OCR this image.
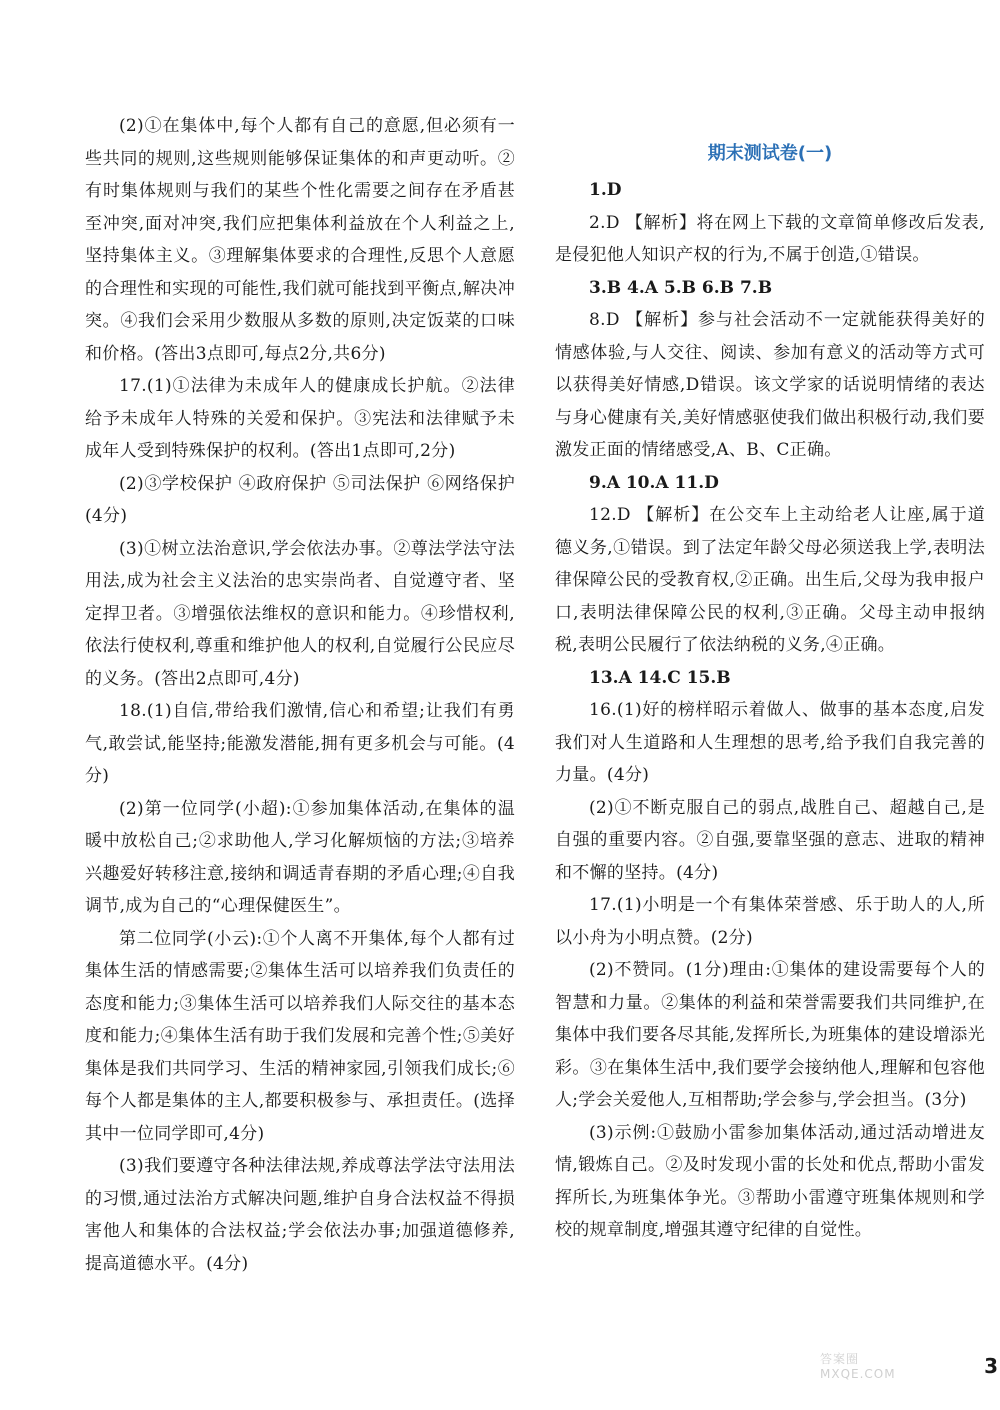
(2)①在集体中,每个人都有自己的意愿,但必须有一些共同的规则,这些规则能够保证集体的和声更动听。②有时集体规则与我们的某些个性化需要之间存在矛盾甚至冲突,面对冲突,我们应把集体利益放在个人利益之上,坚持集体主义。③理解集体要求的合理性,反思个人意愿的合理性和实现的可能性,我们就可能找到平衡点,解决冲突。④我们会采用少数服从多数的原则,决定饭菜的口味和价格。(答出3点即可,每点2分,共6分)

17.(1)①法律为未成年人的健康成长护航。②法律给予未成年人特殊的关爱和保护。③宪法和法律赋予未成年人受到特殊保护的权利。(答出1点即可,2分)

(2)③学校保护 ④政府保护 ⑤司法保护 ⑥网络保护(4分)

(3)①树立法治意识,学会依法办事。②尊法学法守法用法,成为社会主义法治的忠实崇尚者、自觉遵守者、坚定捍卫者。③增强依法维权的意识和能力。④珍惜权利,依法行使权利,尊重和维护他人的权利,自觉履行公民应尽的义务。(答出2点即可,4分)

18.(1)自信,带给我们激情,信心和希望;让我们有勇气,敢尝试,能坚持;能激发潜能,拥有更多机会与可能。(4分)

(2)第一位同学(小超):①参加集体活动,在集体的温暖中放松自己;②求助他人,学习化解烦恼的方法;③培养兴趣爱好转移注意,接纳和调适青春期的矛盾心理;④自我调节,成为自己的“心理保健医生”。

第二位同学(小云):①个人离不开集体,每个人都有过集体生活的情感需要;②集体生活可以培养我们负责任的态度和能力;③集体生活可以培养我们人际交往的基本态度和能力;④集体生活有助于我们发展和完善个性;⑤美好集体是我们共同学习、生活的精神家园,引领我们成长;⑥每个人都是集体的主人,都要积极参与、承担责任。(选择其中一位同学即可,4分)

(3)我们要遵守各种法律法规,养成尊法学法守法用法的习惯,通过法治方式解决问题,维护自身合法权益不得损害他人和集体的合法权益;学会依法办事;加强道德修养,提高道德水平。(4分)

期末测试卷(一)

1.D

2.D 【解析】将在网上下载的文章简单修改后发表,是侵犯他人知识产权的行为,不属于创造,①错误。

3.B 4.A 5.B 6.B 7.B

8.D 【解析】参与社会活动不一定就能获得美好的情感体验,与人交往、阅读、参加有意义的活动等方式可以获得美好情感,D错误。该文学家的话说明情绪的表达与身心健康有关,美好情感驱使我们做出积极行动,我们要激发正面的情绪感受,A、B、C正确。

9.A 10.A 11.D

12.D 【解析】在公交车上主动给老人让座,属于道德义务,①错误。到了法定年龄父母必须送我上学,表明法律保障公民的受教育权,②正确。出生后,父母为我申报户口,表明法律保障公民的权利,③正确。父母主动申报纳税,表明公民履行了依法纳税的义务,④正确。

13.A 14.C 15.B

16.(1)好的榜样昭示着做人、做事的基本态度,启发我们对人生道路和人生理想的思考,给予我们自我完善的力量。(4分)

(2)①不断克服自己的弱点,战胜自己、超越自己,是自强的重要内容。②自强,要靠坚强的意志、进取的精神和不懈的坚持。(4分)

17.(1)小明是一个有集体荣誉感、乐于助人的人,所以小舟为小明点赞。(2分)

(2)不赞同。(1分)理由:①集体的建设需要每个人的智慧和力量。②集体的利益和荣誉需要我们共同维护,在集体中我们要各尽其能,发挥所长,为班集体的建设增添光彩。③在集体生活中,我们要学会接纳他人,理解和包容他人;学会关爱他人,互相帮助;学会参与,学会担当。(3分)

(3)示例:①鼓励小雷参加集体活动,通过活动增进友情,锻炼自己。②及时发现小雷的长处和优点,帮助小雷发挥所长,为班集体争光。③帮助小雷遵守班集体规则和学校的规章制度,增强其遵守纪律的自觉性。

答案圈
MXQE.COM	3
